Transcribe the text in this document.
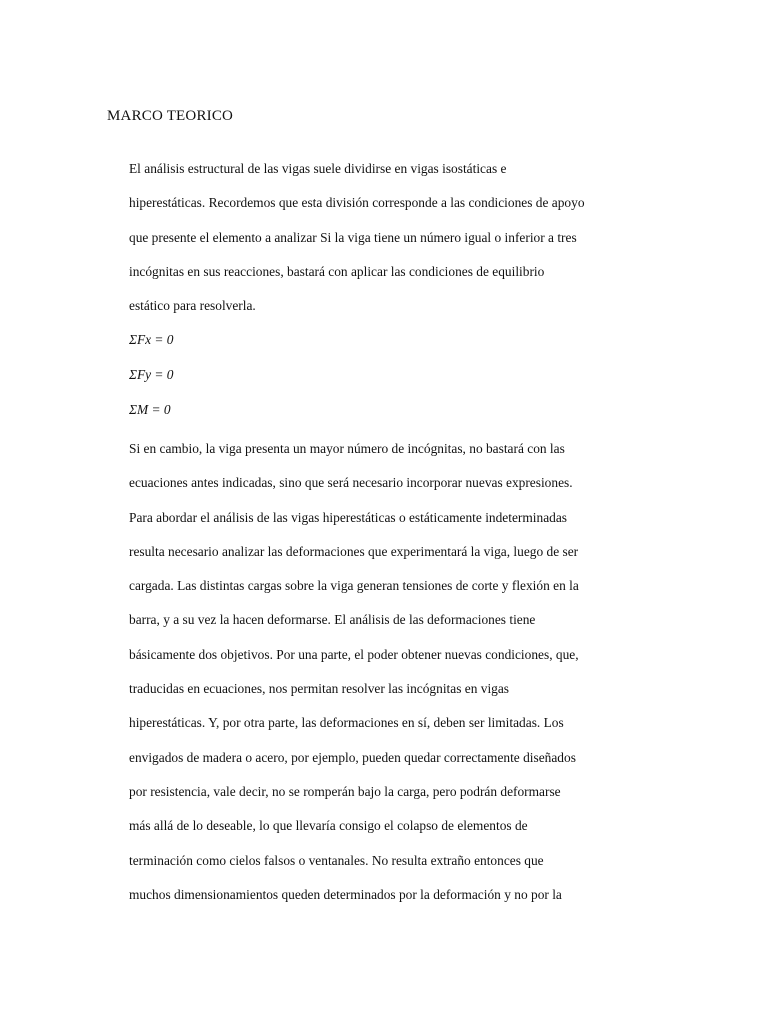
MARCO TEORICO
El análisis estructural de las vigas suele dividirse en vigas isostáticas e
hiperestáticas. Recordemos que esta división corresponde a las condiciones de apoyo
que presente el elemento a analizar Si la viga tiene un número igual o inferior a tres
incógnitas en sus reacciones, bastará con aplicar las condiciones de equilibrio
estático para resolverla.

ΣFx = 0

ΣFy = 0

ΣM = 0

Si en cambio, la viga presenta un mayor número de incógnitas, no bastará con las
ecuaciones antes indicadas, sino que será necesario incorporar nuevas expresiones.
Para abordar el análisis de las vigas hiperestáticas o estáticamente indeterminadas
resulta necesario analizar las deformaciones que experimentará la viga, luego de ser
cargada. Las distintas cargas sobre la viga generan tensiones de corte y flexión en la
barra, y a su vez la hacen deformarse. El análisis de las deformaciones tiene
básicamente dos objetivos. Por una parte, el poder obtener nuevas condiciones, que,
traducidas en ecuaciones, nos permitan resolver las incógnitas en vigas
hiperestáticas. Y, por otra parte, las deformaciones en sí, deben ser limitadas. Los
envigados de madera o acero, por ejemplo, pueden quedar correctamente diseñados
por resistencia, vale decir, no se romperán bajo la carga, pero podrán deformarse
más allá de lo deseable, lo que llevaría consigo el colapso de elementos de
terminación como cielos falsos o ventanales. No resulta extraño entonces que
muchos dimensionamientos queden determinados por la deformación y no por la
